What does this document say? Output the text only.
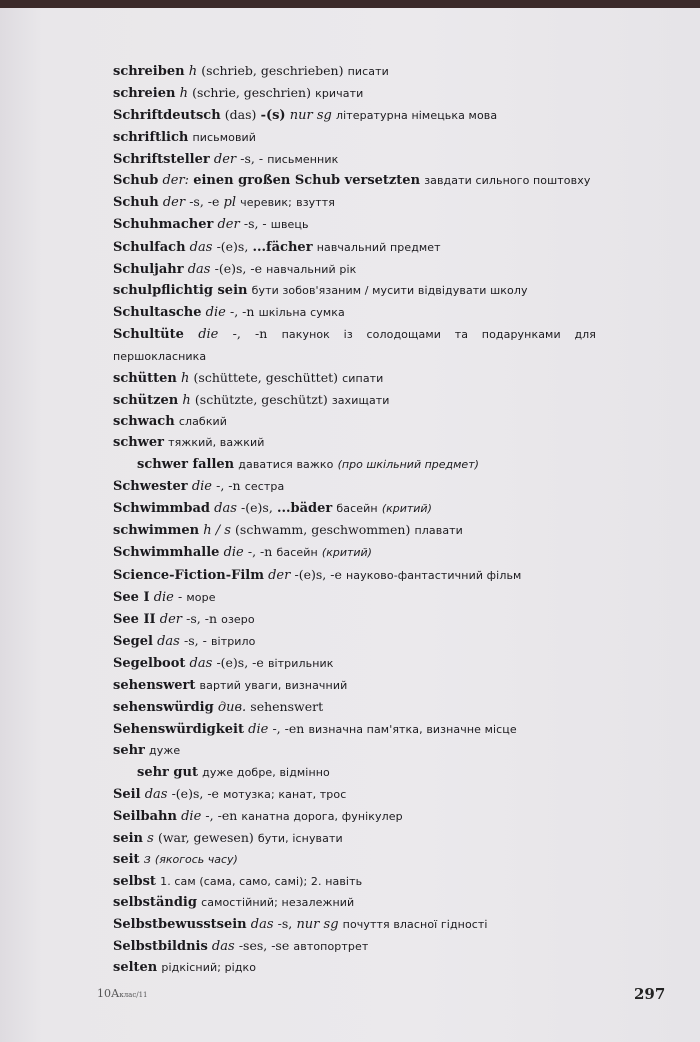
schreiben h (schrieb, geschrieben) писати
schreien h (schrie, geschrien) кричати
Schriftdeutsch (das) -(s) nur sg літературна німецька мова
schriftlich письмовий
Schriftsteller der -s, - письменник
Schub der: einen großen Schub versetzten завдати сильного поштовху
Schuh der -s, -e pl черевик; взуття
Schuhmacher der -s, - швець
Schulfach das -(e)s, ...fächer навчальний предмет
Schuljahr das -(e)s, -e навчальний рік
schulpflichtig sein бути зобов'язаним / мусити відвідувати школу
Schultasche die -, -n шкільна сумка
Schultüte die -, -n пакунок із солодощами та подарунками для першокласника
schütten h (schüttete, geschüttet) сипати
schützen h (schützte, geschützt) захищати
schwach слабкий
schwer тяжкий, важкий
schwer fallen даватися важко (про шкільний предмет)
Schwester die -, -n сестра
Schwimmbad das -(e)s, ...bäder басейн (критий)
schwimmen h / s (schwamm, geschwommen) плавати
Schwimmhalle die -, -n басейн (критий)
Science-Fiction-Film der -(e)s, -e науково-фантастичний фільм
See I die - море
See II der -s, -n озеро
Segel das -s, - вітрило
Segelboot das -(e)s, -e вітрильник
sehenswert вартий уваги, визначний
sehenswürdig див. sehenswert
Sehenswürdigkeit die -, -en визначна пам'ятка, визначне місце
sehr дуже
sehr gut дуже добре, відмінно
Seil das -(e)s, -e мотузка; канат, трос
Seilbahn die -, -en канатна дорога, фунікулер
sein s (war, gewesen) бути, існувати
seit з (якогось часу)
selbst 1. сам (сама, само, самі); 2. навіть
selbständig самостійний; незалежний
Selbstbewusstsein das -s, nur sg почуття власної гідності
Selbstbildnis das -ses, -se автопортрет
selten рідкісний; рідко
10Аклас/11	297
